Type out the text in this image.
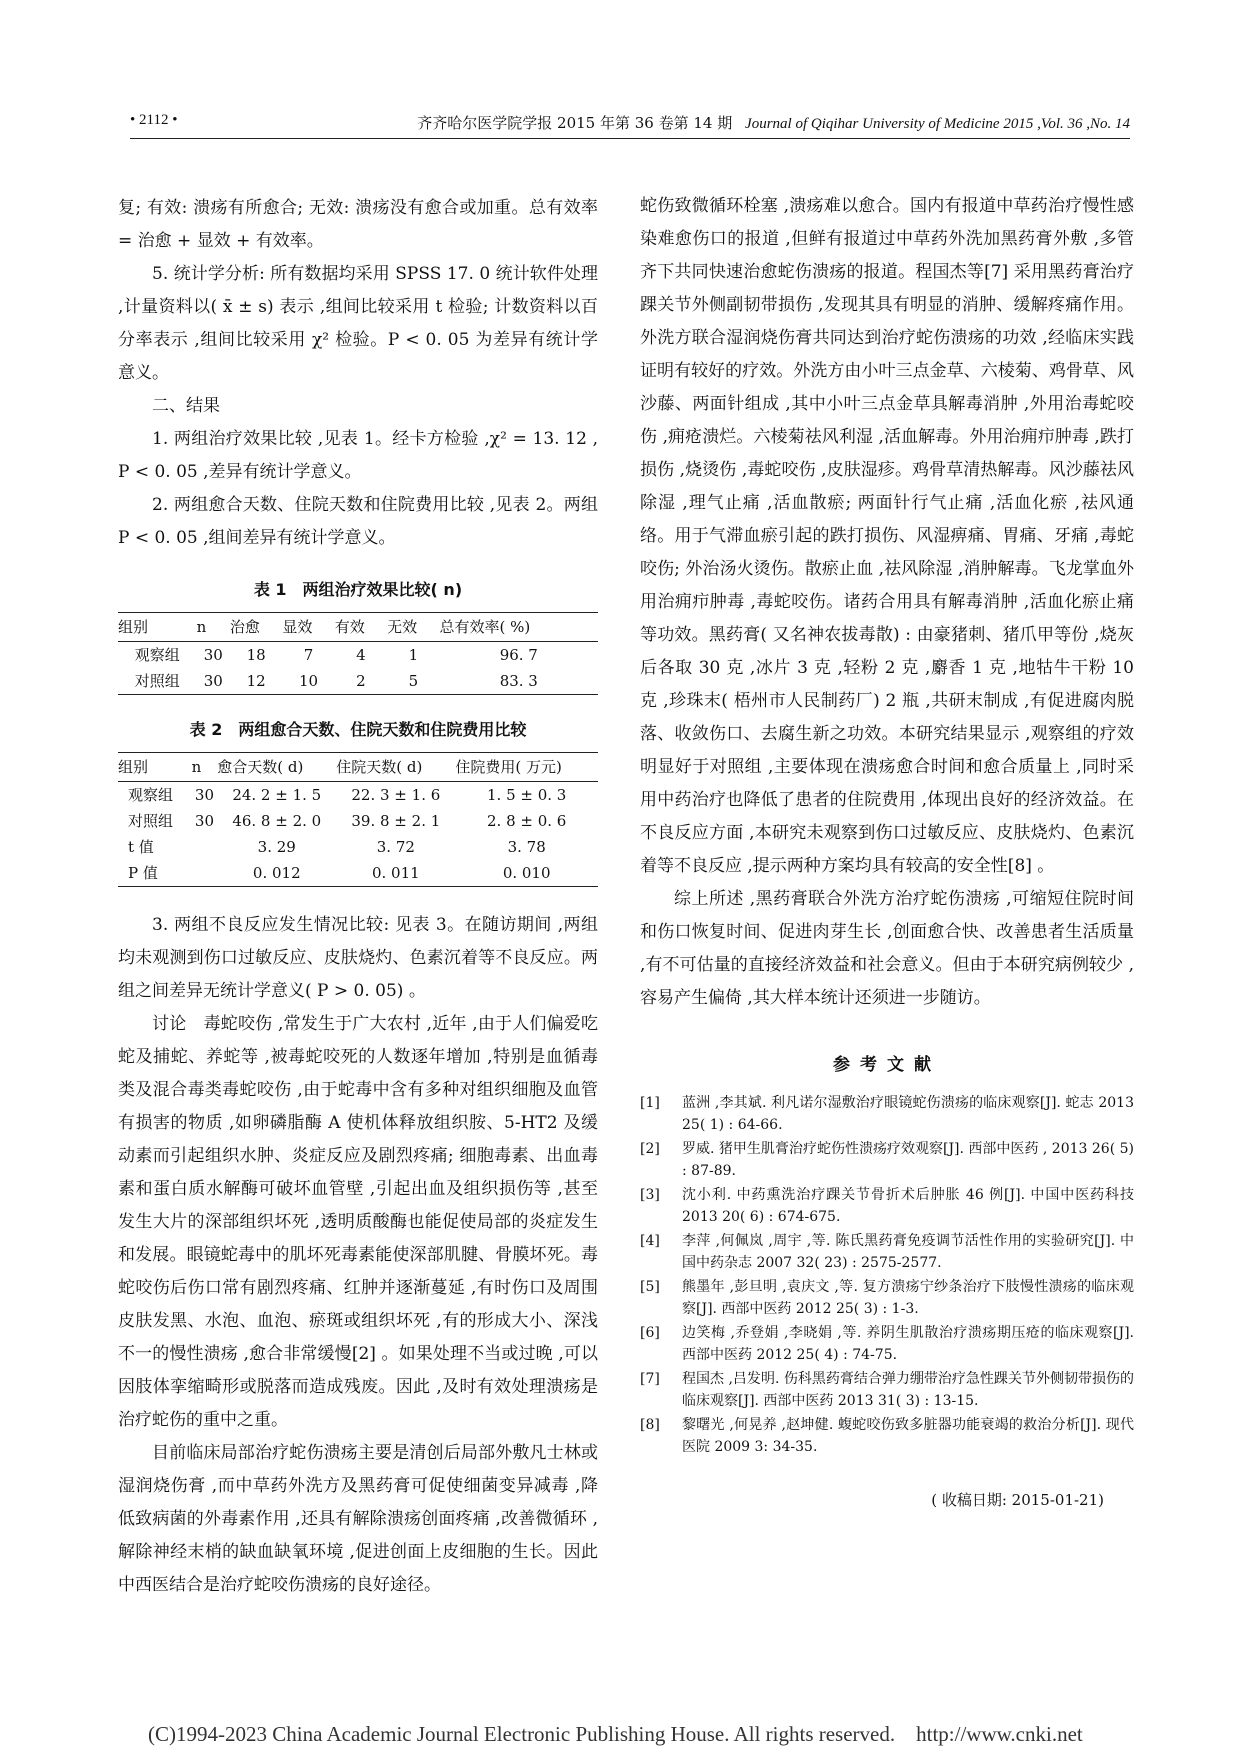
• 2112 •	齐齐哈尔医学院学报 2015 年第 36 卷第 14 期 Journal of Qiqihar University of Medicine 2015 ,Vol. 36 ,No. 14

复; 有效: 溃疡有所愈合; 无效: 溃疡没有愈合或加重。总有效率 = 治愈 + 显效 + 有效率。

5. 统计学分析: 所有数据均采用 SPSS 17. 0 统计软件处理 ,计量资料以( x̄ ± s) 表示 ,组间比较采用 t 检验; 计数资料以百分率表示 ,组间比较采用 χ² 检验。P < 0. 05 为差异有统计学意义。

二、结果

1. 两组治疗效果比较 ,见表 1。经卡方检验 ,χ² = 13. 12 , P < 0. 05 ,差异有统计学意义。

2. 两组愈合天数、住院天数和住院费用比较 ,见表 2。两组 P < 0. 05 ,组间差异有统计学意义。

表 1　两组治疗效果比较( n)
组别	n	治愈	显效	有效	无效	总有效率( %)
观察组	30	18	7	4	1	96. 7
对照组	30	12	10	2	5	83. 3
表 2　两组愈合天数、住院天数和住院费用比较
组别	n	愈合天数( d)	住院天数( d)	住院费用( 万元)
观察组	30	24. 2 ± 1. 5	22. 3 ± 1. 6	1. 5 ± 0. 3
对照组	30	46. 8 ± 2. 0	39. 8 ± 2. 1	2. 8 ± 0. 6
t 值		3. 29	3. 72	3. 78
P 值		0. 012	0. 011	0. 010

3. 两组不良反应发生情况比较: 见表 3。在随访期间 ,两组均未观测到伤口过敏反应、皮肤烧灼、色素沉着等不良反应。两组之间差异无统计学意义( P > 0. 05) 。

讨论　毒蛇咬伤 ,常发生于广大农村 ,近年 ,由于人们偏爱吃蛇及捕蛇、养蛇等 ,被毒蛇咬死的人数逐年增加 ,特别是血循毒类及混合毒类毒蛇咬伤 ,由于蛇毒中含有多种对组织细胞及血管有损害的物质 ,如卵磷脂酶 A 使机体释放组织胺、5-HT2 及缓动素而引起组织水肿、炎症反应及剧烈疼痛; 细胞毒素、出血毒素和蛋白质水解酶可破坏血管壁 ,引起出血及组织损伤等 ,甚至发生大片的深部组织坏死 ,透明质酸酶也能促使局部的炎症发生和发展。眼镜蛇毒中的肌坏死毒素能使深部肌腱、骨膜坏死。毒蛇咬伤后伤口常有剧烈疼痛、红肿并逐渐蔓延 ,有时伤口及周围皮肤发黑、水泡、血泡、瘀斑或组织坏死 ,有的形成大小、深浅不一的慢性溃疡 ,愈合非常缓慢[2] 。如果处理不当或过晚 ,可以因肢体挛缩畸形或脱落而造成残废。因此 ,及时有效处理溃疡是治疗蛇伤的重中之重。

目前临床局部治疗蛇伤溃疡主要是清创后局部外敷凡士林或湿润烧伤膏 ,而中草药外洗方及黑药膏可促使细菌变异减毒 ,降低致病菌的外毒素作用 ,还具有解除溃疡创面疼痛 ,改善微循环 ,解除神经末梢的缺血缺氧环境 ,促进创面上皮细胞的生长。因此中西医结合是治疗蛇咬伤溃疡的良好途径。

蛇伤致微循环栓塞 ,溃疡难以愈合。国内有报道中草药治疗慢性感染难愈伤口的报道 ,但鲜有报道过中草药外洗加黑药膏外敷 ,多管齐下共同快速治愈蛇伤溃疡的报道。程国杰等[7] 采用黑药膏治疗踝关节外侧副韧带损伤 ,发现其具有明显的消肿、缓解疼痛作用。外洗方联合湿润烧伤膏共同达到治疗蛇伤溃疡的功效 ,经临床实践证明有较好的疗效。外洗方由小叶三点金草、六棱菊、鸡骨草、风沙藤、两面针组成 ,其中小叶三点金草具解毒消肿 ,外用治毒蛇咬伤 ,痈疮溃烂。六棱菊祛风利湿 ,活血解毒。外用治痈疖肿毒 ,跌打损伤 ,烧烫伤 ,毒蛇咬伤 ,皮肤湿疹。鸡骨草清热解毒。风沙藤祛风除湿 ,理气止痛 ,活血散瘀; 两面针行气止痛 ,活血化瘀 ,祛风通络。用于气滞血瘀引起的跌打损伤、风湿痹痛、胃痛、牙痛 ,毒蛇咬伤; 外治汤火烫伤。散瘀止血 ,祛风除湿 ,消肿解毒。飞龙掌血外用治痈疖肿毒 ,毒蛇咬伤。诸药合用具有解毒消肿 ,活血化瘀止痛等功效。黑药膏( 又名神农拔毒散) : 由豪猪刺、猪爪甲等份 ,烧灰后各取 30 克 ,冰片 3 克 ,轻粉 2 克 ,麝香 1 克 ,地牯牛干粉 10 克 ,珍珠末( 梧州市人民制药厂) 2 瓶 ,共研末制成 ,有促进腐肉脱落、收敛伤口、去腐生新之功效。本研究结果显示 ,观察组的疗效明显好于对照组 ,主要体现在溃疡愈合时间和愈合质量上 ,同时采用中药治疗也降低了患者的住院费用 ,体现出良好的经济效益。在不良反应方面 ,本研究未观察到伤口过敏反应、皮肤烧灼、色素沉着等不良反应 ,提示两种方案均具有较高的安全性[8] 。

综上所述 ,黑药膏联合外洗方治疗蛇伤溃疡 ,可缩短住院时间和伤口恢复时间、促进肉芽生长 ,创面愈合快、改善患者生活质量 ,有不可估量的直接经济效益和社会意义。但由于本研究病例较少 ,容易产生偏倚 ,其大样本统计还须进一步随访。

参考文献
[1]	蓝洲 ,李其斌. 利凡诺尔湿敷治疗眼镜蛇伤溃疡的临床观察[J]. 蛇志 2013 25( 1) : 64-66.
[2]	罗威. 猪甲生肌膏治疗蛇伤性溃疡疗效观察[J]. 西部中医药 , 2013 26( 5) : 87-89.
[3]	沈小利. 中药熏洗治疗踝关节骨折术后肿胀 46 例[J]. 中国中医药科技 2013 20( 6) : 674-675.
[4]	李萍 ,何佩岚 ,周宇 ,等. 陈氏黑药膏免疫调节活性作用的实验研究[J]. 中国中药杂志 2007 32( 23) : 2575-2577.
[5]	熊墨年 ,彭旦明 ,袁庆文 ,等. 复方溃疡宁纱条治疗下肢慢性溃疡的临床观察[J]. 西部中医药 2012 25( 3) : 1-3.
[6]	边笑梅 ,乔登娟 ,李晓娟 ,等. 养阴生肌散治疗溃疡期压疮的临床观察[J]. 西部中医药 2012 25( 4) : 74-75.
[7]	程国杰 ,吕发明. 伤科黑药膏结合弹力绷带治疗急性踝关节外侧韧带损伤的临床观察[J]. 西部中医药 2013 31( 3) : 13-15.
[8]	黎曙光 ,何晃养 ,赵坤健. 蝮蛇咬伤致多脏器功能衰竭的救治分析[J]. 现代医院 2009 3: 34-35.
( 收稿日期: 2015-01-21)
(C)1994-2023 China Academic Journal Electronic Publishing House. All rights reserved.　http://www.cnki.net
